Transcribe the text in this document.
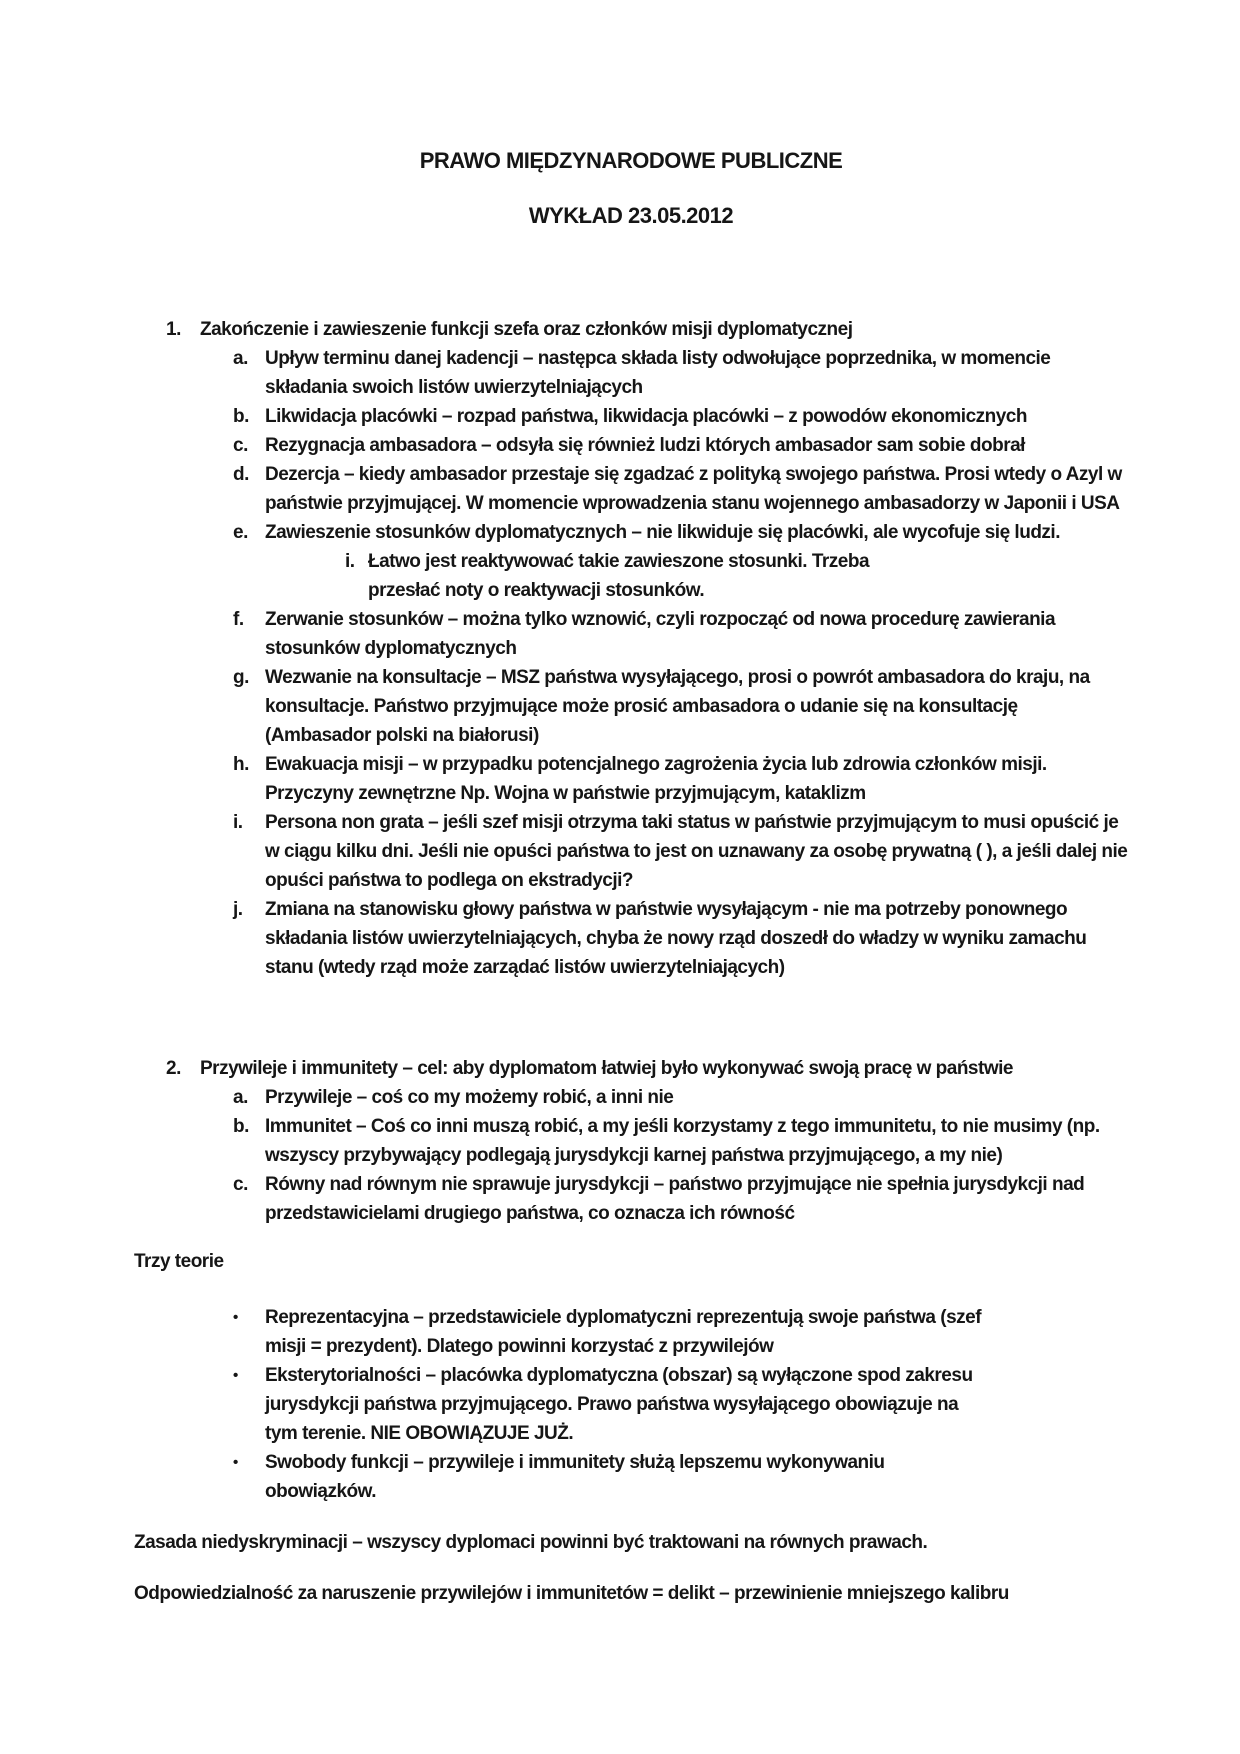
PRAWO MIĘDZYNARODOWE PUBLICZNE
WYKŁAD 23.05.2012
1.	Zakończenie i zawieszenie funkcji szefa oraz członków misji dyplomatycznej
a. Upływ terminu danej kadencji – następca składa listy odwołujące poprzednika, w momencie składania swoich listów uwierzytelniających
b. Likwidacja placówki – rozpad państwa, likwidacja placówki – z powodów ekonomicznych
c. Rezygnacja ambasadora – odsyła się również ludzi których ambasador sam sobie dobrał
d. Dezercja – kiedy ambasador przestaje się zgadzać z polityką swojego państwa. Prosi wtedy o Azyl w państwie przyjmującej. W momencie wprowadzenia stanu wojennego ambasadorzy w Japonii i USA
e. Zawieszenie stosunków dyplomatycznych – nie likwiduje się placówki, ale wycofuje się ludzi.
i. Łatwo jest reaktywować takie zawieszone stosunki. Trzeba przesłać noty o reaktywacji stosunków.
f.	Zerwanie stosunków – można tylko wznowić, czyli rozpocząć od nowa procedurę zawierania stosunków dyplomatycznych
g. Wezwanie na konsultacje – MSZ państwa wysyłającego, prosi o powrót ambasadora do kraju, na konsultacje. Państwo przyjmujące może prosić ambasadora o udanie się na konsultację (Ambasador polski na białorusi)
h. Ewakuacja misji – w przypadku potencjalnego zagrożenia życia lub zdrowia członków misji. Przyczyny zewnętrzne Np. Wojna w państwie przyjmującym, kataklizm
i.	Persona non grata – jeśli szef misji otrzyma taki status w państwie przyjmującym to musi opuścić je w ciągu kilku dni. Jeśli nie opuści państwa to jest on uznawany za osobę prywatną ( ), a jeśli dalej nie opuści państwa to podlega on ekstradycji?
j.	Zmiana na stanowisku głowy państwa w państwie wysyłającym - nie ma potrzeby ponownego składania listów uwierzytelniających, chyba że nowy rząd doszedł do władzy w wyniku zamachu stanu (wtedy rząd może zarządać listów uwierzytelniających)
2.	Przywileje i immunitety – cel: aby dyplomatom łatwiej było wykonywać swoją pracę w państwie
a. Przywileje – coś co my możemy robić, a inni nie
b. Immunitet – Coś co inni muszą robić, a my jeśli korzystamy z tego immunitetu, to nie musimy (np. wszyscy przybywający podlegają jurysdykcji karnej państwa przyjmującego, a my nie)
c. Równy nad równym nie sprawuje jurysdykcji – państwo przyjmujące nie spełnia jurysdykcji nad przedstawicielami drugiego państwa, co oznacza ich równość
Trzy teorie
•	Reprezentacyjna – przedstawiciele dyplomatyczni reprezentują swoje państwa (szef misji = prezydent). Dlatego powinni korzystać z przywilejów
•	Eksterytorialności – placówka dyplomatyczna (obszar) są wyłączone spod zakresu jurysdykcji państwa przyjmującego. Prawo państwa wysyłającego obowiązuje na tym terenie. NIE OBOWIĄZUJE JUŻ.
•	Swobody funkcji – przywileje i immunitety służą lepszemu wykonywaniu obowiązków.
Zasada niedyskryminacji – wszyscy dyplomaci powinni być traktowani na równych prawach.
Odpowiedzialność za naruszenie przywilejów i immunitetów = delikt – przewinienie mniejszego kalibru
